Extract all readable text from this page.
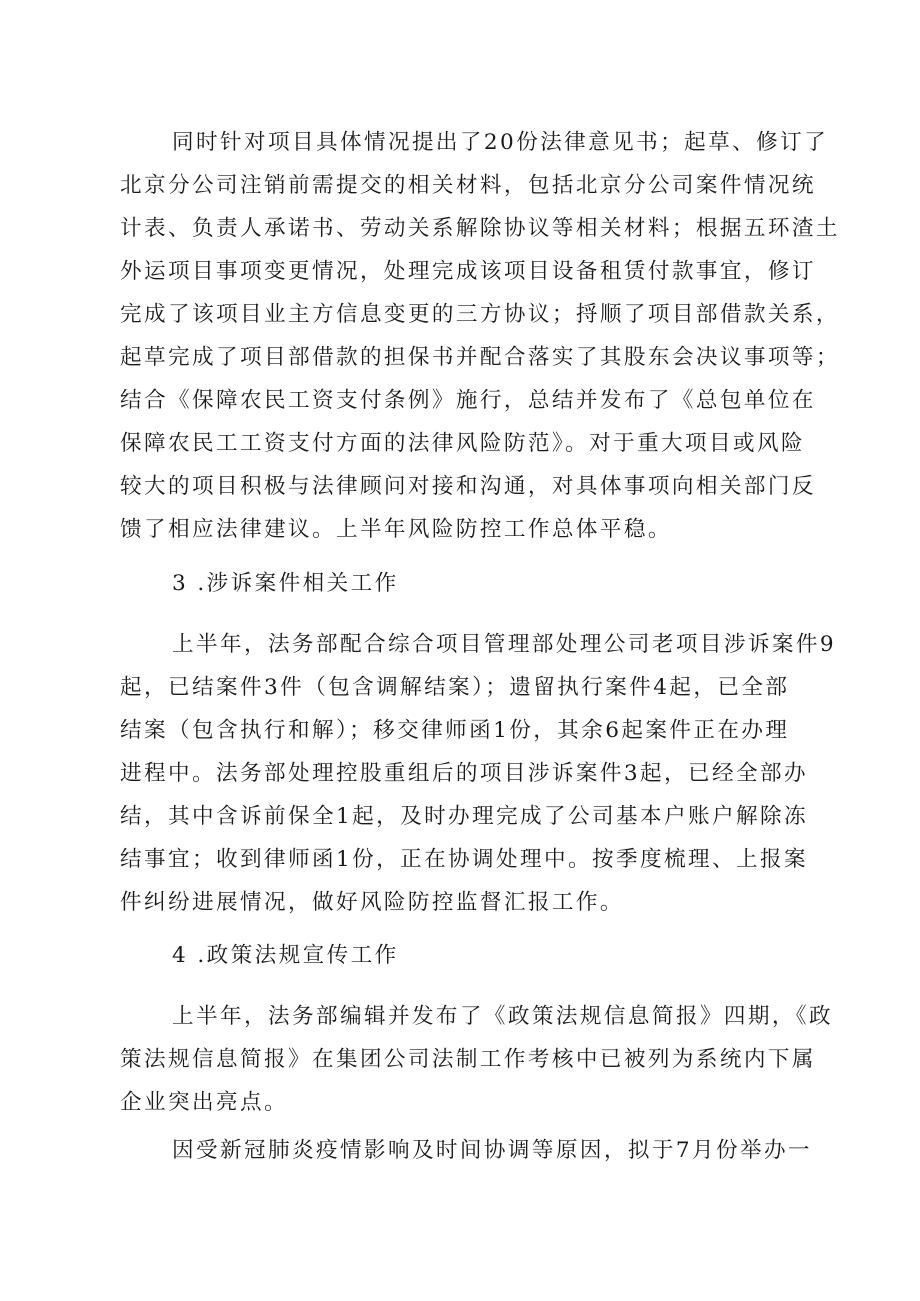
同时针对项目具体情况提出了20份法律意见书；起草、修订了
北京分公司注销前需提交的相关材料，包括北京分公司案件情况统
计表、负责人承诺书、劳动关系解除协议等相关材料；根据五环渣土
外运项目事项变更情况，处理完成该项目设备租赁付款事宜，修订
完成了该项目业主方信息变更的三方协议；捋顺了项目部借款关系，
起草完成了项目部借款的担保书并配合落实了其股东会决议事项等；
结合《保障农民工资支付条例》施行，总结并发布了《总包单位在
保障农民工工资支付方面的法律风险防范》。对于重大项目或风险
较大的项目积极与法律顾问对接和沟通，对具体事项向相关部门反
馈了相应法律建议。上半年风险防控工作总体平稳。
3 .涉诉案件相关工作
上半年，法务部配合综合项目管理部处理公司老项目涉诉案件9
起，已结案件3件（包含调解结案）；遗留执行案件4起，已全部
结案（包含执行和解）；移交律师函1份，其余6起案件正在办理
进程中。法务部处理控股重组后的项目涉诉案件3起，已经全部办
结，其中含诉前保全1起，及时办理完成了公司基本户账户解除冻
结事宜；收到律师函1份，正在协调处理中。按季度梳理、上报案
件纠纷进展情况，做好风险防控监督汇报工作。
4 .政策法规宣传工作
上半年，法务部编辑并发布了《政策法规信息简报》四期，《政
策法规信息简报》在集团公司法制工作考核中已被列为系统内下属
企业突出亮点。
因受新冠肺炎疫情影响及时间协调等原因，拟于7月份举办一
